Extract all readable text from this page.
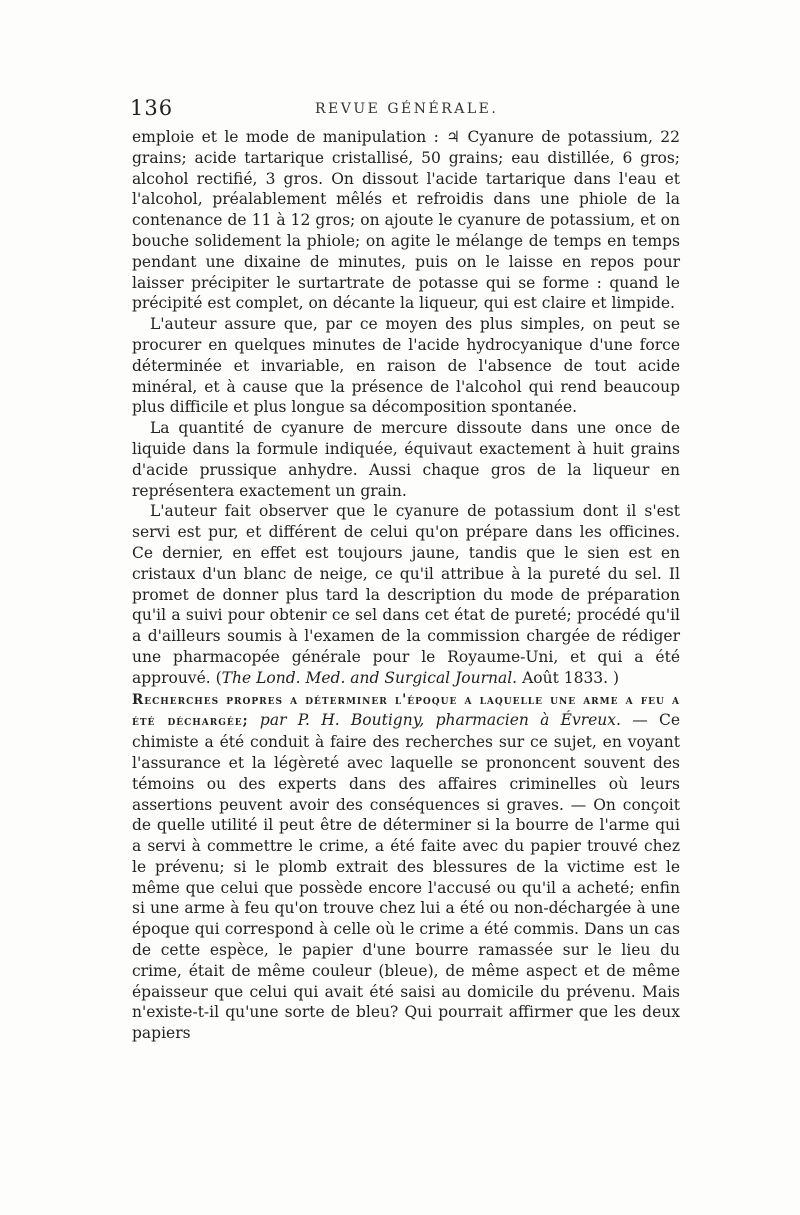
136	REVUE GÉNÉRALE.

emploie et le mode de manipulation : ♃ Cyanure de potassium, 22 grains; acide tartarique cristallisé, 50 grains; eau distillée, 6 gros; alcohol rectifié, 3 gros. On dissout l'acide tartarique dans l'eau et l'alcohol, préalablement mêlés et refroidis dans une phiole de la contenance de 11 à 12 gros; on ajoute le cyanure de potassium, et on bouche solidement la phiole; on agite le mélange de temps en temps pendant une dixaine de minutes, puis on le laisse en repos pour laisser précipiter le surtartrate de potasse qui se forme : quand le précipité est complet, on décante la liqueur, qui est claire et limpide.

L'auteur assure que, par ce moyen des plus simples, on peut se procurer en quelques minutes de l'acide hydrocyanique d'une force déterminée et invariable, en raison de l'absence de tout acide minéral, et à cause que la présence de l'alcohol qui rend beaucoup plus difficile et plus longue sa décomposition spontanée.

La quantité de cyanure de mercure dissoute dans une once de liquide dans la formule indiquée, équivaut exactement à huit grains d'acide prussique anhydre. Aussi chaque gros de la liqueur en représentera exactement un grain.

L'auteur fait observer que le cyanure de potassium dont il s'est servi est pur, et différent de celui qu'on prépare dans les officines. Ce dernier, en effet est toujours jaune, tandis que le sien est en cristaux d'un blanc de neige, ce qu'il attribue à la pureté du sel. Il promet de donner plus tard la description du mode de préparation qu'il a suivi pour obtenir ce sel dans cet état de pureté; procédé qu'il a d'ailleurs soumis à l'examen de la commission chargée de rédiger une pharmacopée générale pour le Royaume-Uni, et qui a été approuvé. (The Lond. Med. and Surgical Journal. Août 1833. )

Recherches propres a déterminer l'époque a laquelle une arme a feu a été déchargée; par P. H. Boutigny, pharmacien à Évreux. — Ce chimiste a été conduit à faire des recherches sur ce sujet, en voyant l'assurance et la légèreté avec laquelle se prononcent souvent des témoins ou des experts dans des affaires criminelles où leurs assertions peuvent avoir des conséquences si graves. — On conçoit de quelle utilité il peut être de déterminer si la bourre de l'arme qui a servi à commettre le crime, a été faite avec du papier trouvé chez le prévenu; si le plomb extrait des blessures de la victime est le même que celui que possède encore l'accusé ou qu'il a acheté; enfin si une arme à feu qu'on trouve chez lui a été ou non-déchargée à une époque qui correspond à celle où le crime a été commis. Dans un cas de cette espèce, le papier d'une bourre ramassée sur le lieu du crime, était de même couleur (bleue), de même aspect et de même épaisseur que celui qui avait été saisi au domicile du prévenu. Mais n'existe-t-il qu'une sorte de bleu? Qui pourrait affirmer que les deux papiers
